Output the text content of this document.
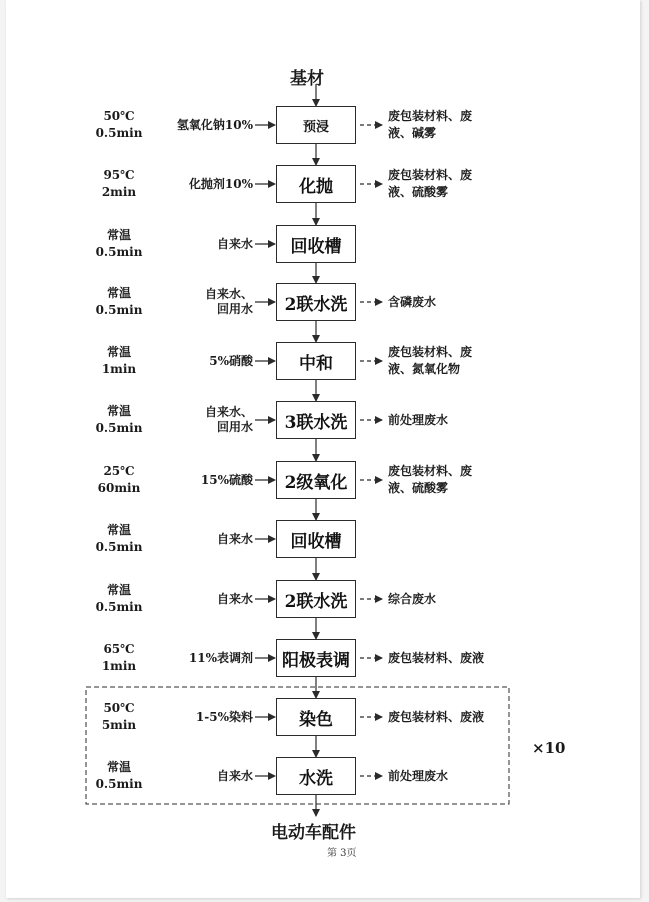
基材
电动车配件
第 3页
×10
预浸
50℃
0.5min
氢氧化钠10%
废包装材料、废
液、碱雾
化抛
95℃
2min
化抛剂10%
废包装材料、废
液、硫酸雾
回收槽
常温
0.5min
自来水
2联水洗
常温
0.5min
自来水、
回用水
含磷废水
中和
常温
1min
5%硝酸
废包装材料、废
液、氮氧化物
3联水洗
常温
0.5min
自来水、
回用水
前处理废水
2级氧化
25℃
60min
15%硫酸
废包装材料、废
液、硫酸雾
回收槽
常温
0.5min
自来水
2联水洗
常温
0.5min
自来水	综合废水
阳极表调
65℃
1min
11%表调剂	废包装材料、废液
染色
50℃
5min
1-5%染料	废包装材料、废液
水洗
常温
0.5min
自来水	前处理废水
